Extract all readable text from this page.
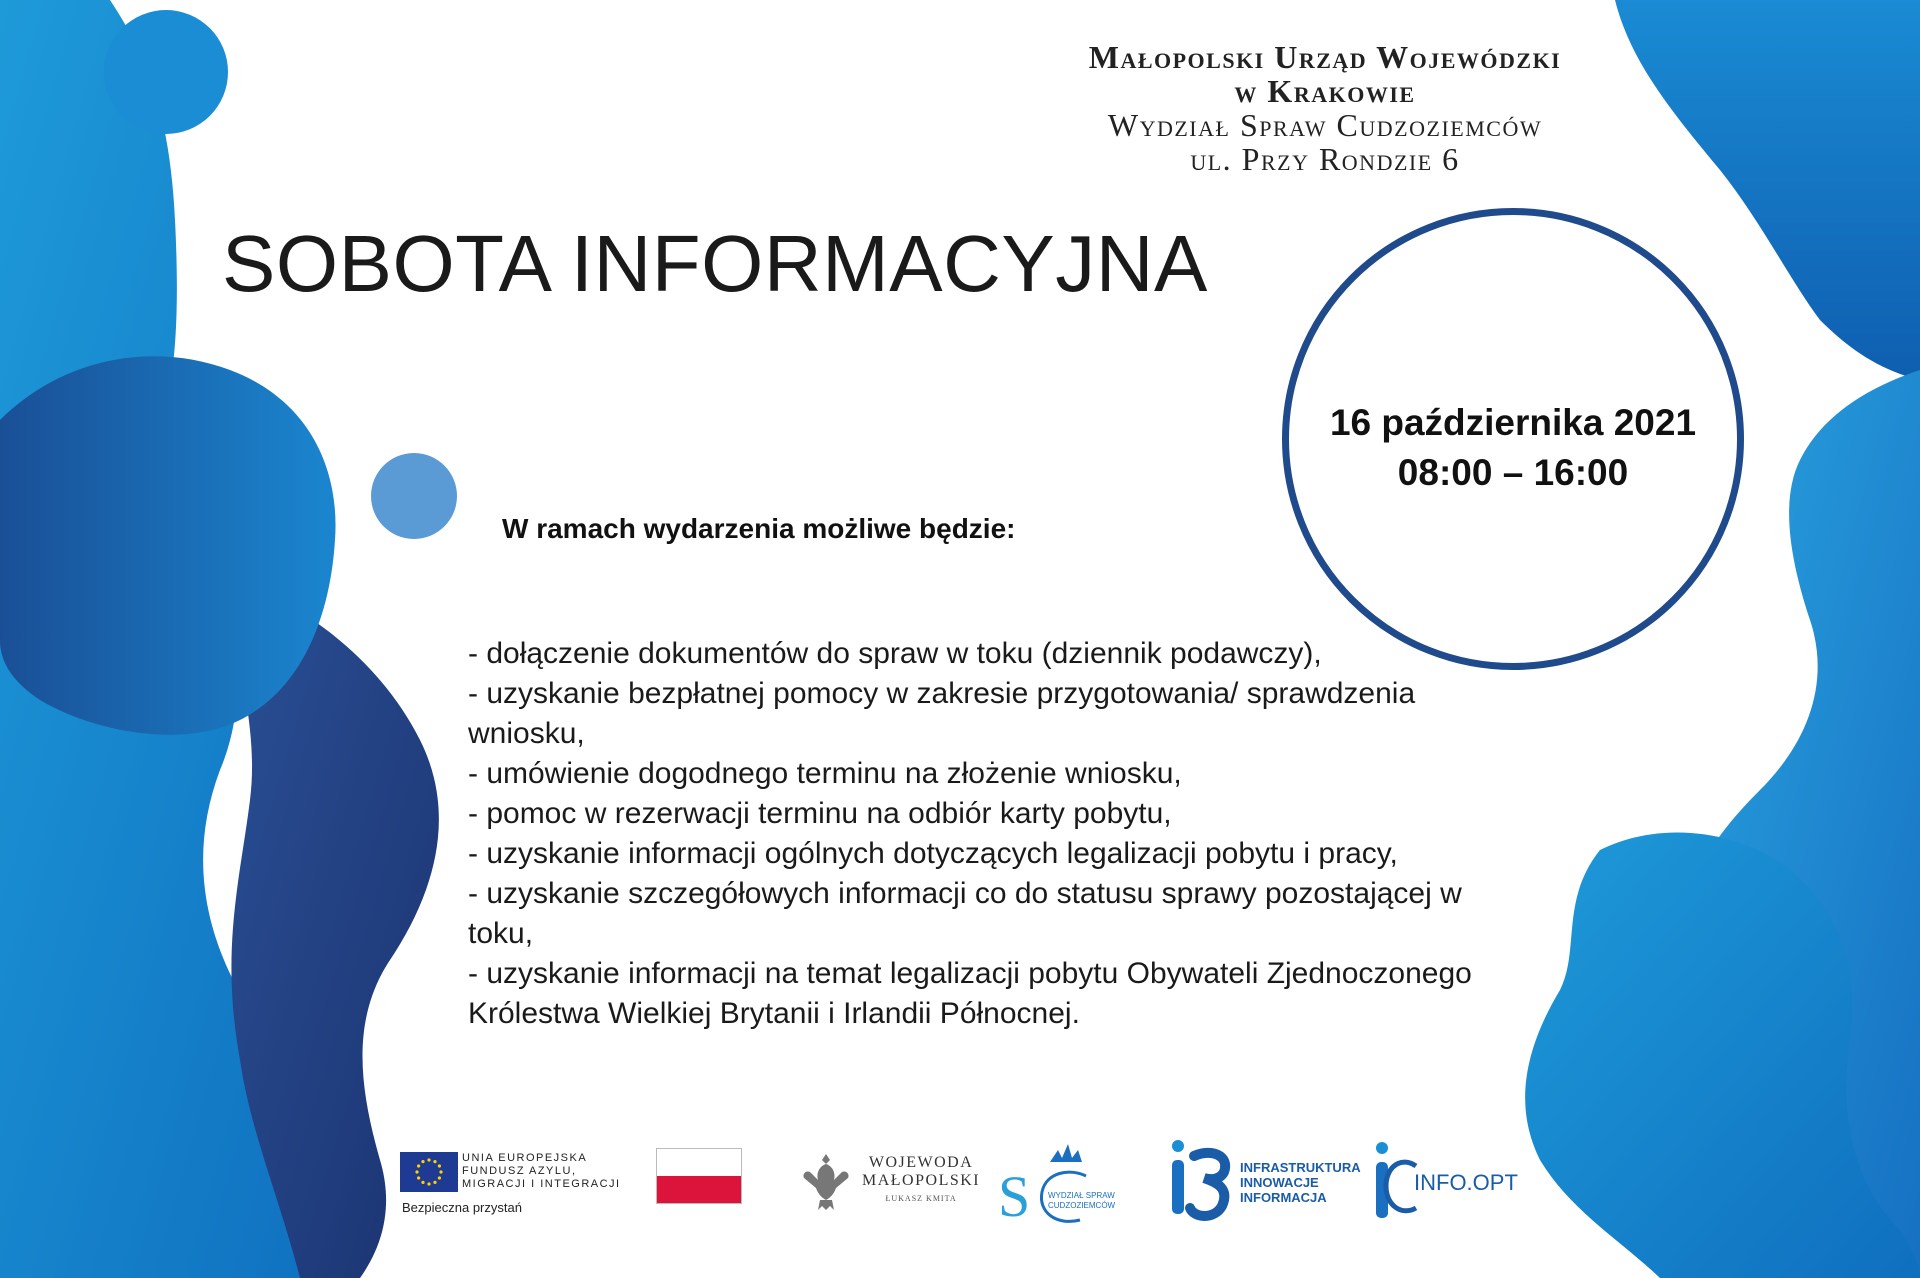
Małopolski Urząd Wojewódzki
w Krakowie
Wydział Spraw Cudzoziemców
ul. Przy Rondzie 6
SOBOTA INFORMACYJNA
16 października 2021
08:00 – 16:00
W ramach wydarzenia możliwe będzie:
- dołączenie dokumentów do spraw w toku (dziennik podawczy),
- uzyskanie bezpłatnej pomocy w zakresie przygotowania/ sprawdzenia wniosku,
- umówienie dogodnego terminu na złożenie wniosku,
- pomoc w rezerwacji terminu na odbiór karty pobytu,
- uzyskanie informacji ogólnych dotyczących legalizacji pobytu i pracy,
- uzyskanie szczegółowych informacji co do statusu sprawy pozostającej w toku,
- uzyskanie informacji na temat legalizacji pobytu Obywateli Zjednoczonego Królestwa Wielkiej Brytanii i Irlandii Północnej.
UNIA EUROPEJSKA
FUNDUSZ AZYLU,
MIGRACJI I INTEGRACJI
Bezpieczna przystań
WOJEWODA
MAŁOPOLSKI
ŁUKASZ KMITA S WYDZIAŁ SPRAW
CUDZOZIEMCÓW
INFRASTRUKTURA
INNOWACJE
INFORMACJA
INFO.OPT
